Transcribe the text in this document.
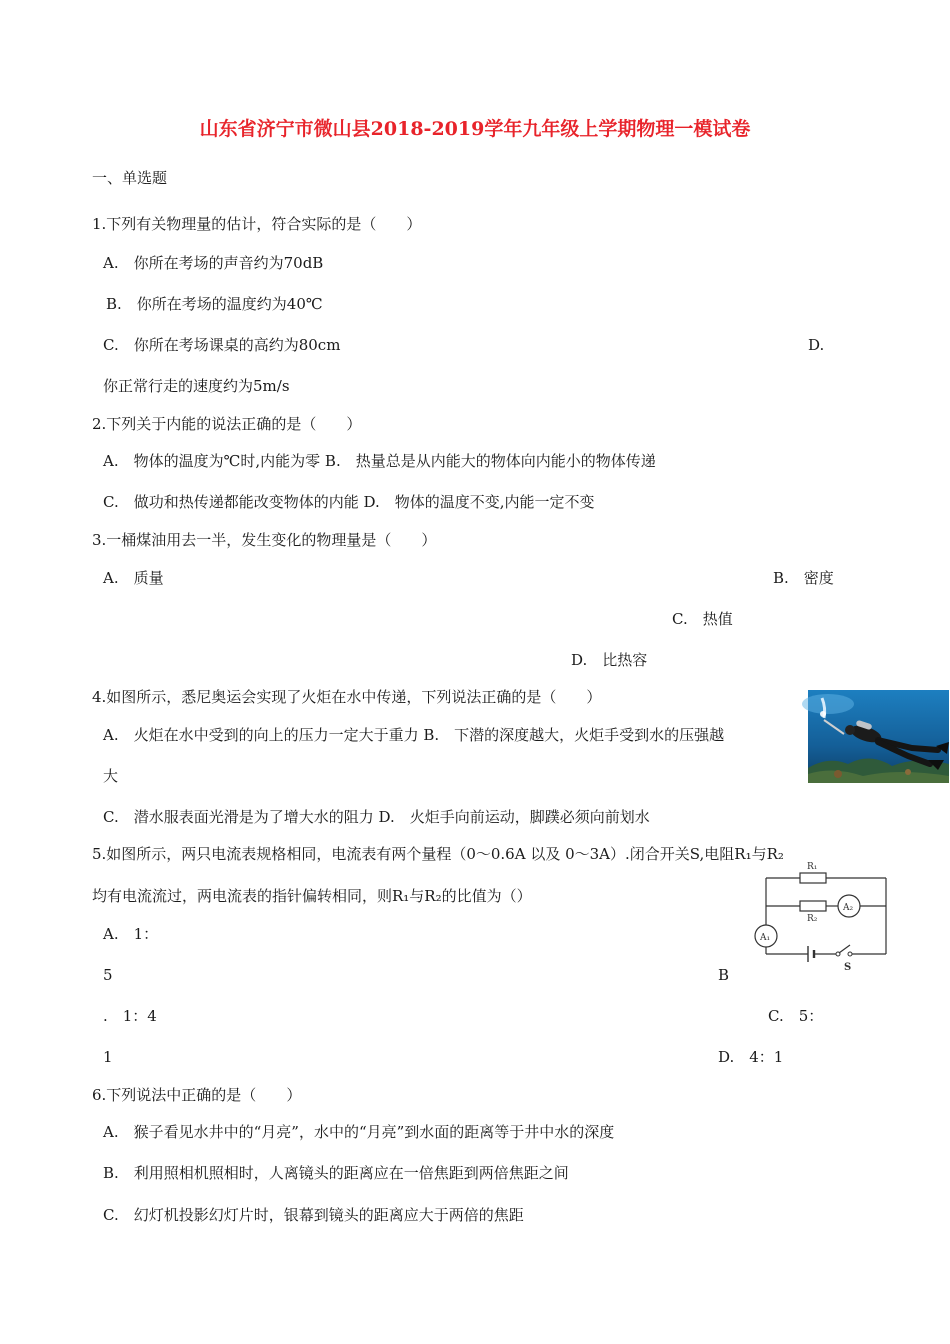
山东省济宁市微山县2018-2019学年九年级上学期物理一模试卷
一、单选题
1.下列有关物理量的估计，符合实际的是（　　）
A.　你所在考场的声音约为70dB
B.　你所在考场的温度约为40℃
C.　你所在考场课桌的高约为80cm	D.
你正常行走的速度约为5m/s
2.下列关于内能的说法正确的是（　　）
A.　物体的温度为℃时,内能为零 B.　热量总是从内能大的物体向内能小的物体传递
C.　做功和热传递都能改变物体的内能 D.　物体的温度不变,内能一定不变
3.一桶煤油用去一半，发生变化的物理量是（　　）
A.　质量	B.　密度
C.　热值
D.　比热容
4.如图所示，悉尼奥运会实现了火炬在水中传递，下列说法正确的是（　　）
A.　火炬在水中受到的向上的压力一定大于重力 B.　下潜的深度越大，火炬手受到水的压强越
大
C.　潜水服表面光滑是为了增大水的阻力 D.　火炬手向前运动，脚蹼必须向前划水
5.如图所示，两只电流表规格相同，电流表有两个量程（0～0.6A 以及 0～3A）.闭合开关S,电阻R₁与R₂
均有电流流过，两电流表的指针偏转相同，则R₁与R₂的比值为（）
A.　1：
5	B
.　1：4	C.　5：
1	D.　4：1
R₁
R₂
A₂
A₁
S
6.下列说法中正确的是（　　）
A.　猴子看见水井中的“月亮”，水中的“月亮”到水面的距离等于井中水的深度
B.　利用照相机照相时，人离镜头的距离应在一倍焦距到两倍焦距之间
C.　幻灯机投影幻灯片时，银幕到镜头的距离应大于两倍的焦距
